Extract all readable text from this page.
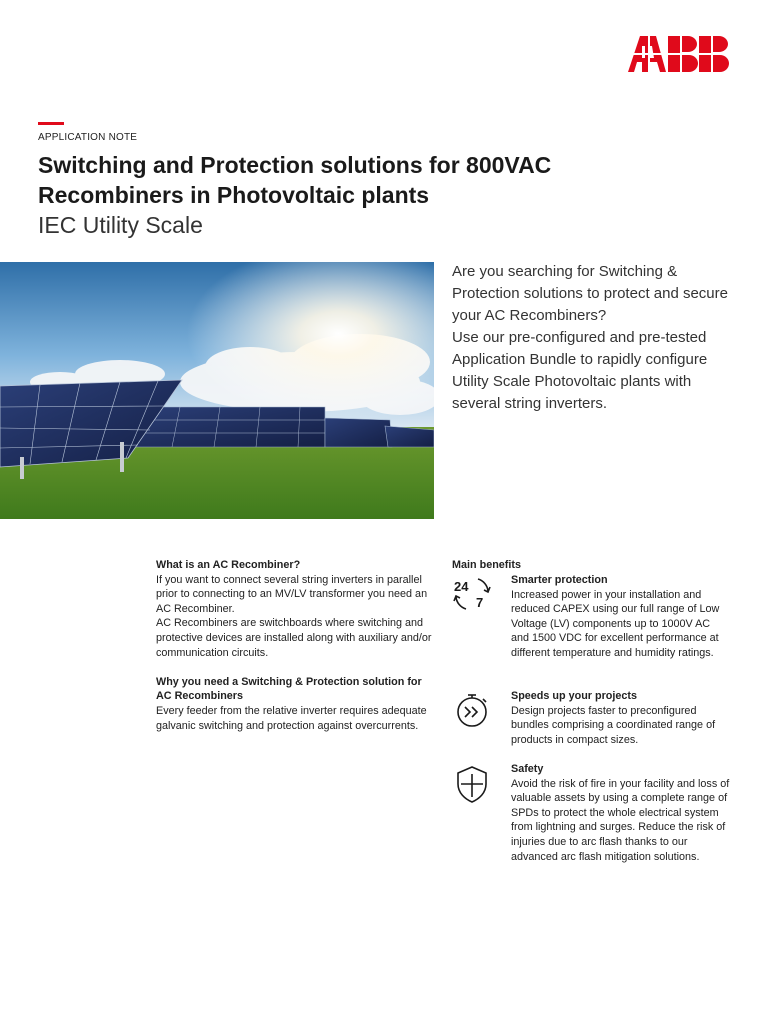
APPLICATION NOTE
Switching and Protection solutions for 800VAC
Recombiners in Photovoltaic plants
IEC Utility Scale

Are you searching for Switching & Protection solutions to protect and secure your AC Recombiners?

Use our pre-configured and pre-tested Application Bundle to rapidly configure Utility Scale Photovoltaic plants with several string inverters.

What is an AC Recombiner?

If you want to connect several string inverters in parallel prior to connecting to an MV/LV transformer you need an AC Recombiner.

AC Recombiners are switchboards where switching and protective devices are installed along with auxiliary and/or communication circuits.

Why you need a Switching & Protection solution for AC Recombiners

Every feeder from the relative inverter requires adequate galvanic switching and protection against overcurrents.

Main benefits
24
7

Smarter protection

Increased power in your installation and reduced CAPEX using our full range of Low Voltage (LV) components up to 1000V AC and 1500 VDC for excellent performance at different temperature and humidity ratings.

Speeds up your projects

Design projects faster to preconfigured bundles comprising a coordinated range of products in compact sizes.

Safety

Avoid the risk of fire in your facility and loss of valuable assets by using a complete range of SPDs to protect the whole electrical system from lightning and surges. Reduce the risk of injuries due to arc flash thanks to our advanced arc flash mitigation solutions.
